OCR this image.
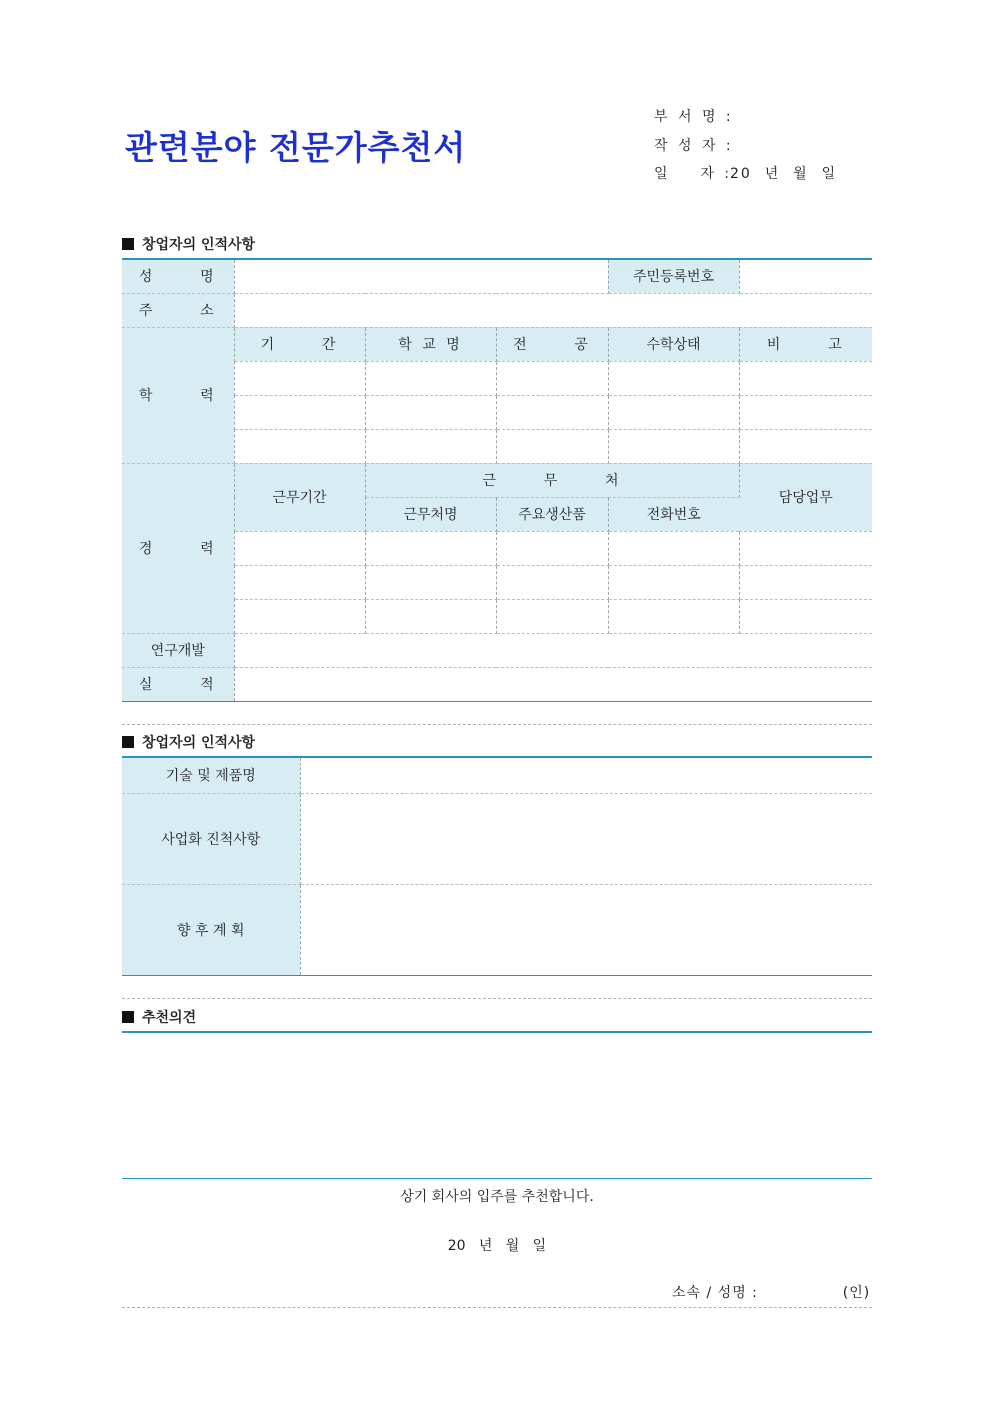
관련분야 전문가추천서
부 서 명 :
작 성 자 :
일    자 :
20  년  월  일
창업자의 인적사항
성      명				주민등록번호	
주      소					
학      력	기      간	학 교 명	전      공	수학상태	비      고

경      력	근무기간	근      무      처			담당업무
		근무처명	주요생산품	전화번호	

연구개발					
실      적					
창업자의 인적사항
기술 및 제품명	
사업화 진척사항	
향 후 계 획	
추천의견
상기 회사의 입주를 추천합니다.
20   년   월   일
소속 / 성명 :	(인)
